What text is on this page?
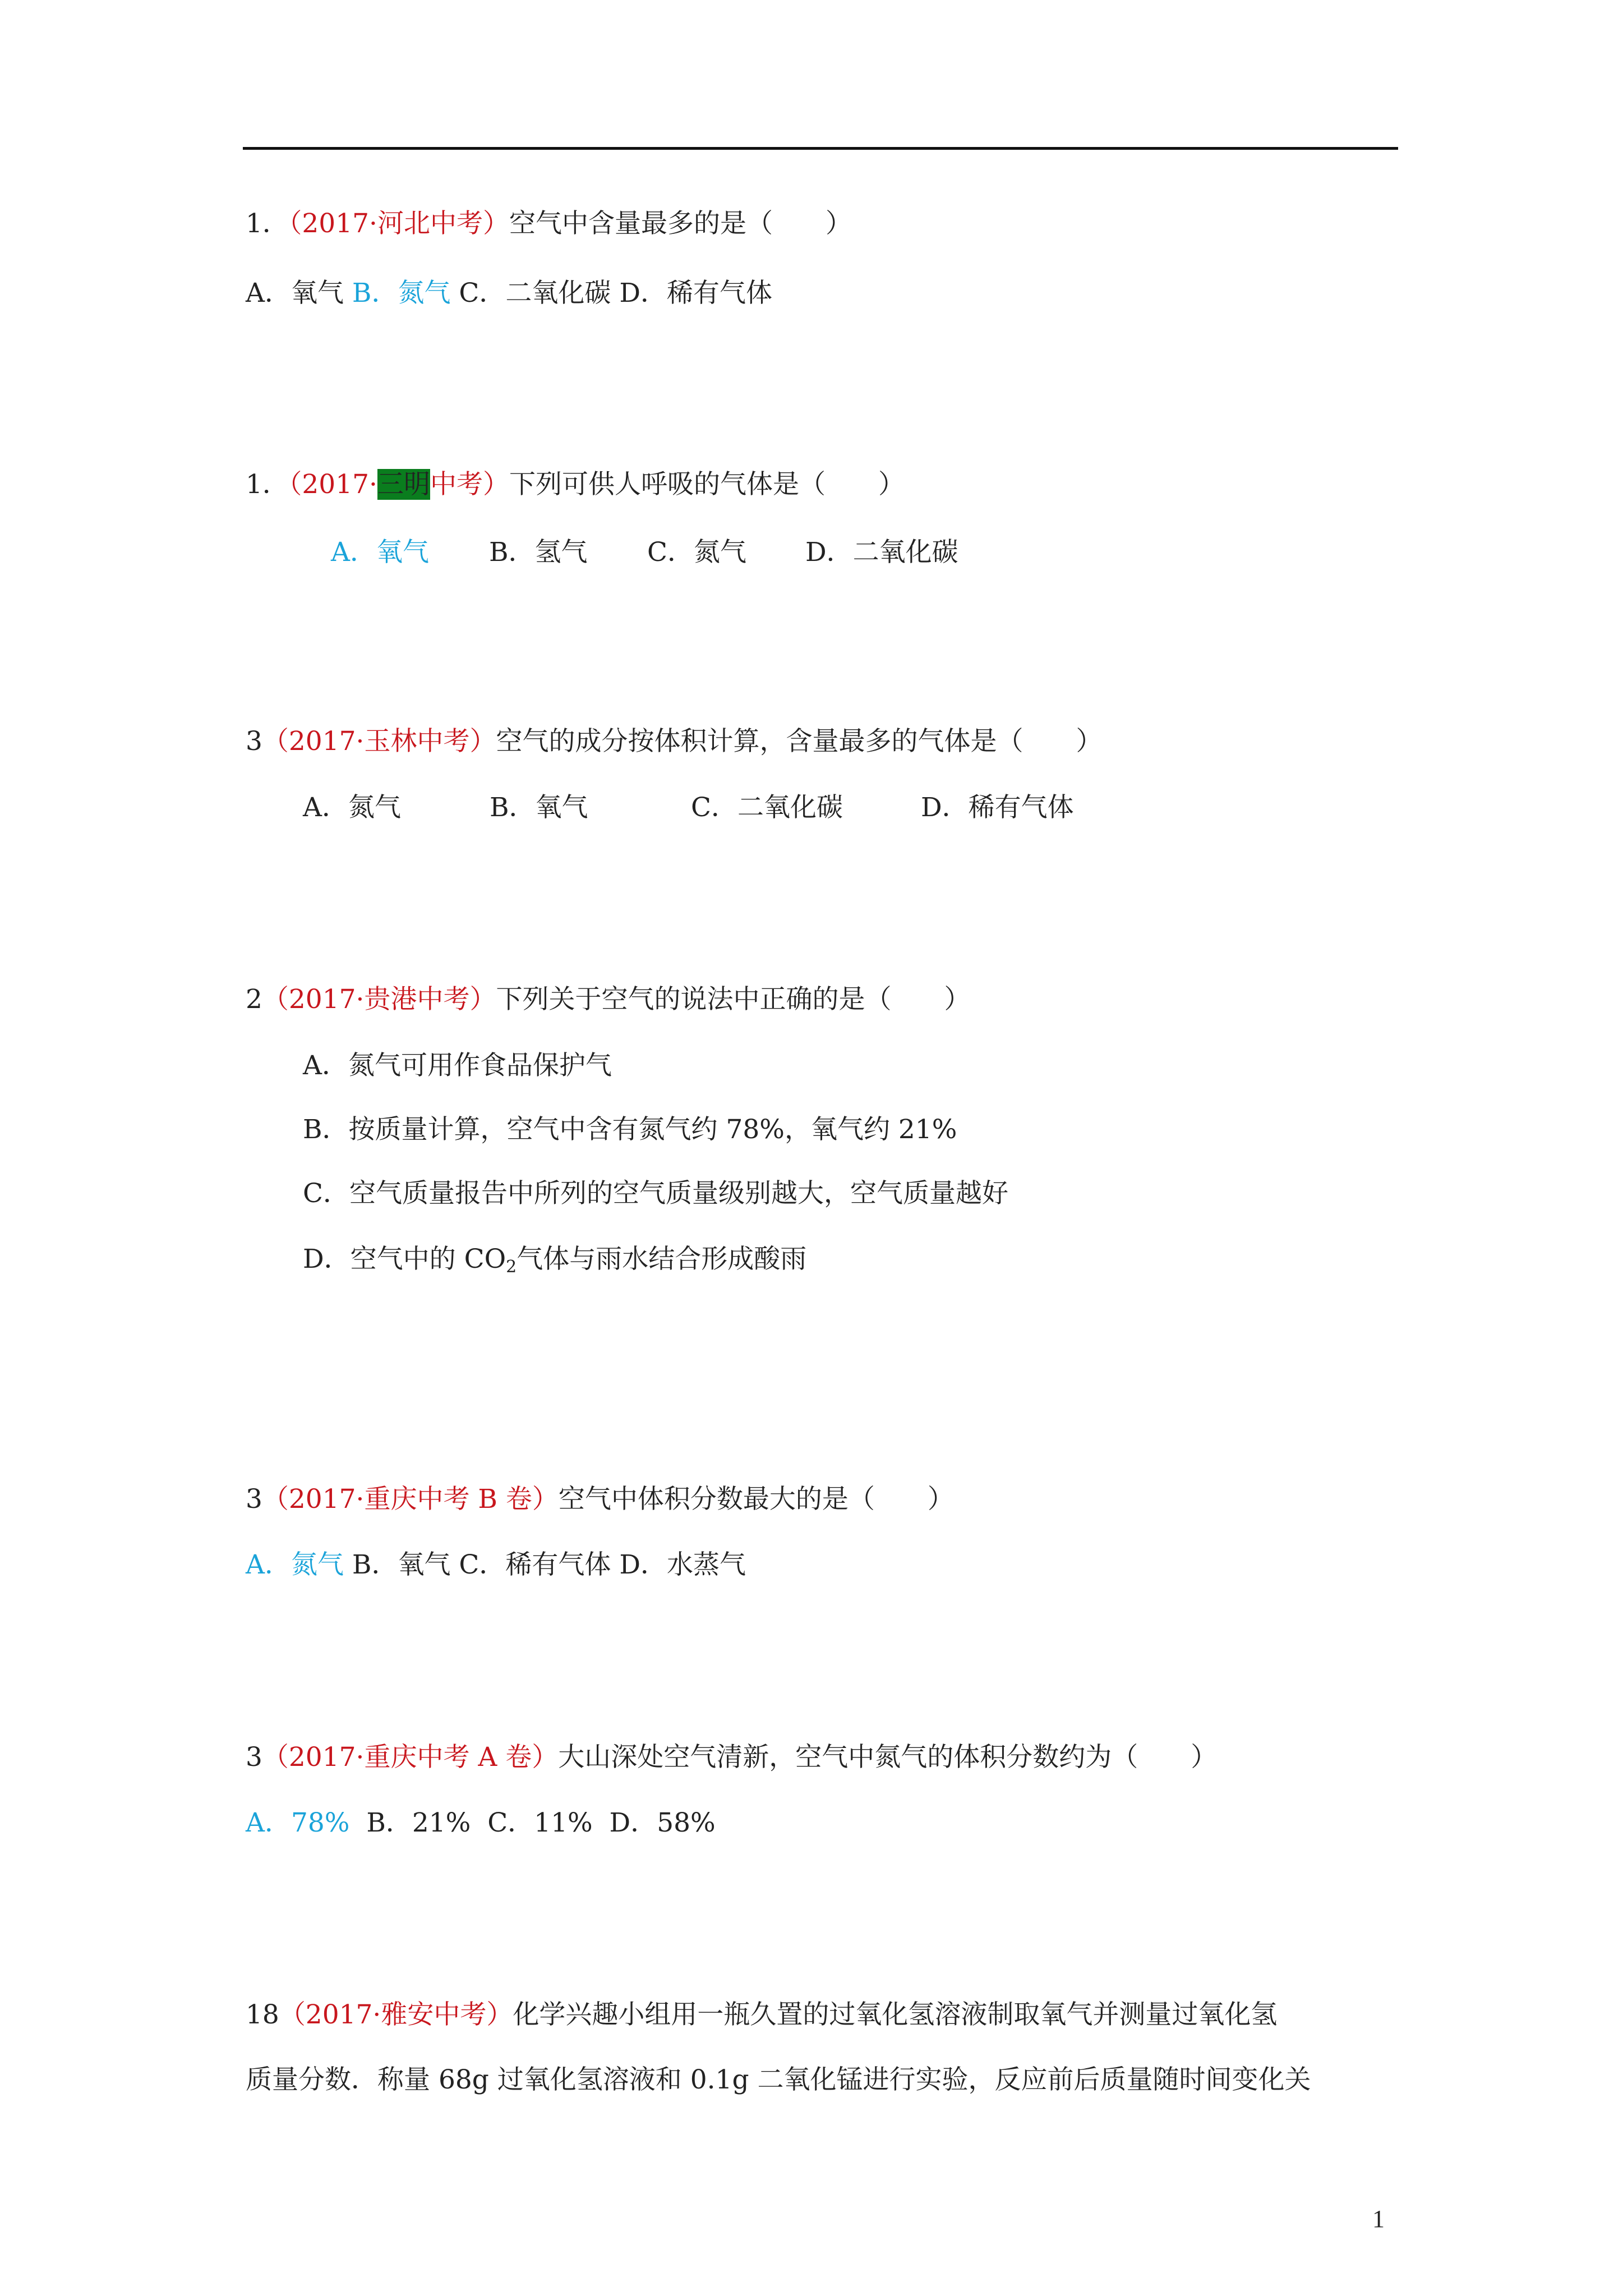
1．（2017·河北中考）空气中含量最多的是（　　）
A．氧气 B．氮气 C．二氧化碳 D．稀有气体
1．（2017·三明中考）下列可供人呼吸的气体是（　　）
A．氧气 B．氢气 C．氮气 D．二氧化碳
3（2017·玉林中考）空气的成分按体积计算，含量最多的气体是（　　）
A．氮气	B．氧气	C．二氧化碳	D．稀有气体
2（2017·贵港中考）下列关于空气的说法中正确的是（　　）
A．氮气可用作食品保护气
B．按质量计算，空气中含有氮气约 78%，氧气约 21%
C．空气质量报告中所列的空气质量级别越大，空气质量越好
D．空气中的 $CO_2$气体与雨水结合形成酸雨
3（2017·重庆中考 B 卷）空气中体积分数最大的是（　　）
A．氮气 B．氧气 C．稀有气体 D．水蒸气
3（2017·重庆中考 A 卷）大山深处空气清新，空气中氮气的体积分数约为（　　）
A．78% B．21% C．11% D．58%
18（2017·雅安中考）化学兴趣小组用一瓶久置的过氧化氢溶液制取氧气并测量过氧化氢
质量分数．称量 68g 过氧化氢溶液和 0.1g 二氧化锰进行实验，反应前后质量随时间变化关
1
